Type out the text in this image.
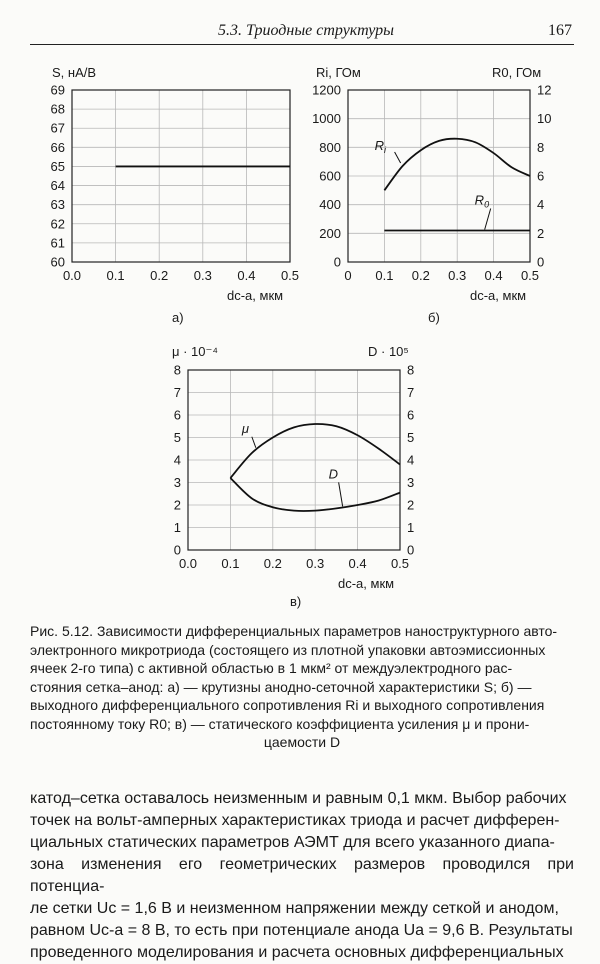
5.3. Триодные структуры	167
S, нА/В
60
61
62
63
64
65
66
67
68
69
0.0 0.1 0.2 0.3 0.4 0.5
dс-а, мкм
а)
Ri, ГОм	R0, ГОм
0
200
400
600
800
1000
1200
0
2
4
6
8
10
12
0 0.1 0.2 0.3 0.4 0.5
$R_i$
$R_0$
dс-а, мкм
б)
μ · 10⁻⁴	D · 10⁵
0
1
2
3
4
5
6
7
8
0
1
2
3
4
5
6
7
8
0.0 0.1 0.2 0.3 0.4 0.5
μ
D
dс-а, мкм
в)
Рис. 5.12. Зависимости дифференциальных параметров наноструктурного авто-
электронного микротриода (состоящего из плотной упаковки автоэмиссионных
ячеек 2-го типа) с активной областью в 1 мкм² от междуэлектродного рас-
стояния сетка–анод: а) — крутизны анодно-сеточной характеристики S; б) —
выходного дифференциального сопротивления Ri и выходного сопротивления
постоянному току R0; в) — статического коэффициента усиления μ и прони-
цаемости D
катод–сетка оставалось неизменным и равным 0,1 мкм. Выбор рабочих
точек на вольт-амперных характеристиках триода и расчет дифферен-
циальных статических параметров АЭМТ для всего указанного диапа-
зона изменения его геометрических размеров проводился при потенциа-
ле сетки Uс = 1,6 В и неизменном напряжении между сеткой и анодом,
равном Uс-а = 8 В, то есть при потенциале анода Uа = 9,6 В. Результаты
проведенного моделирования и расчета основных дифференциальных
